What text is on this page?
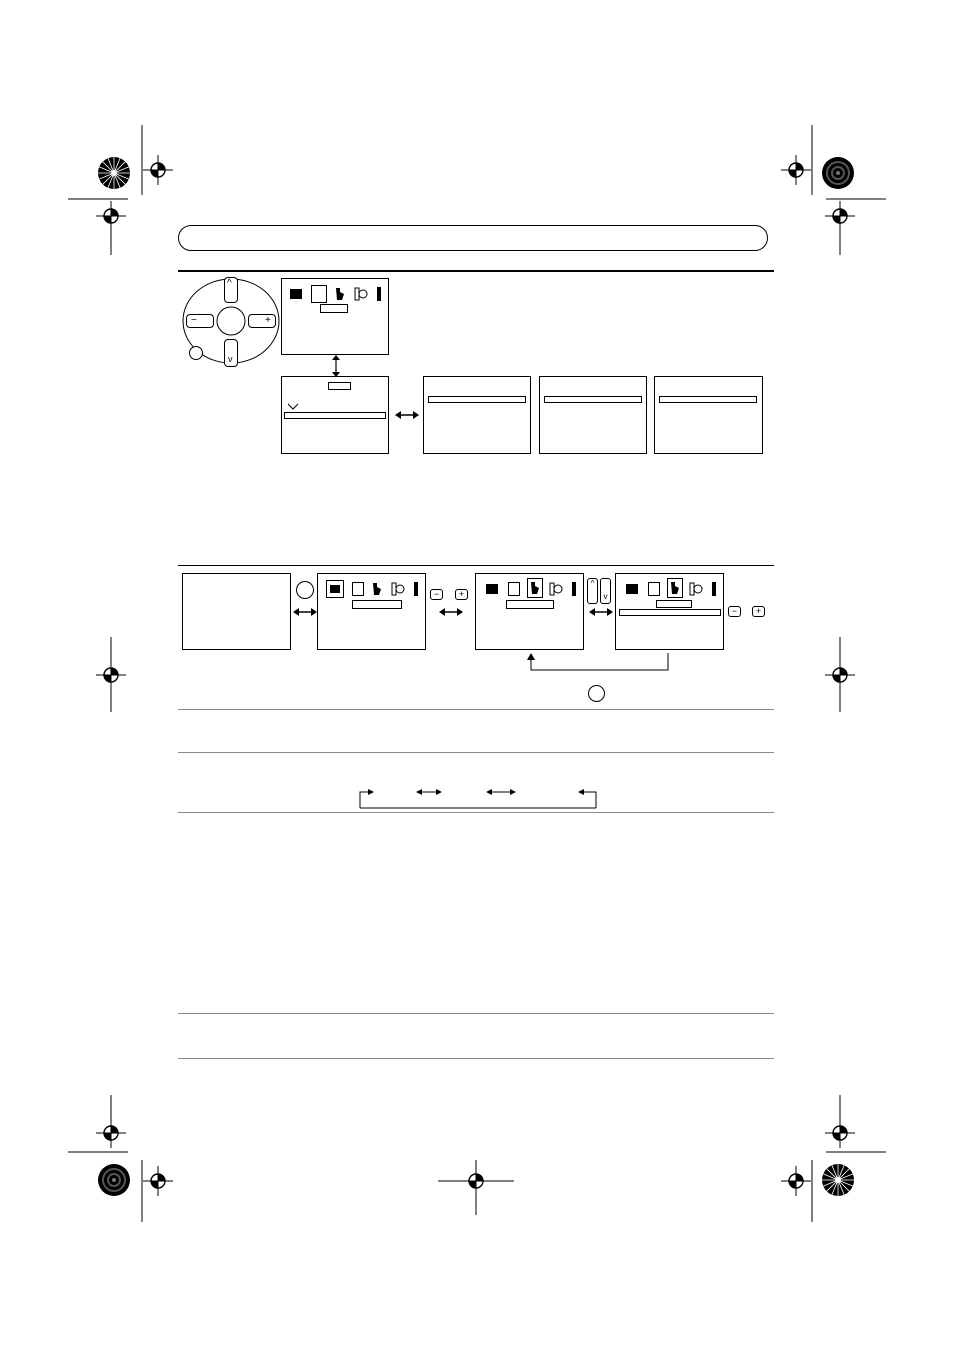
^
v
−	+
−	+
^
v
−	+
